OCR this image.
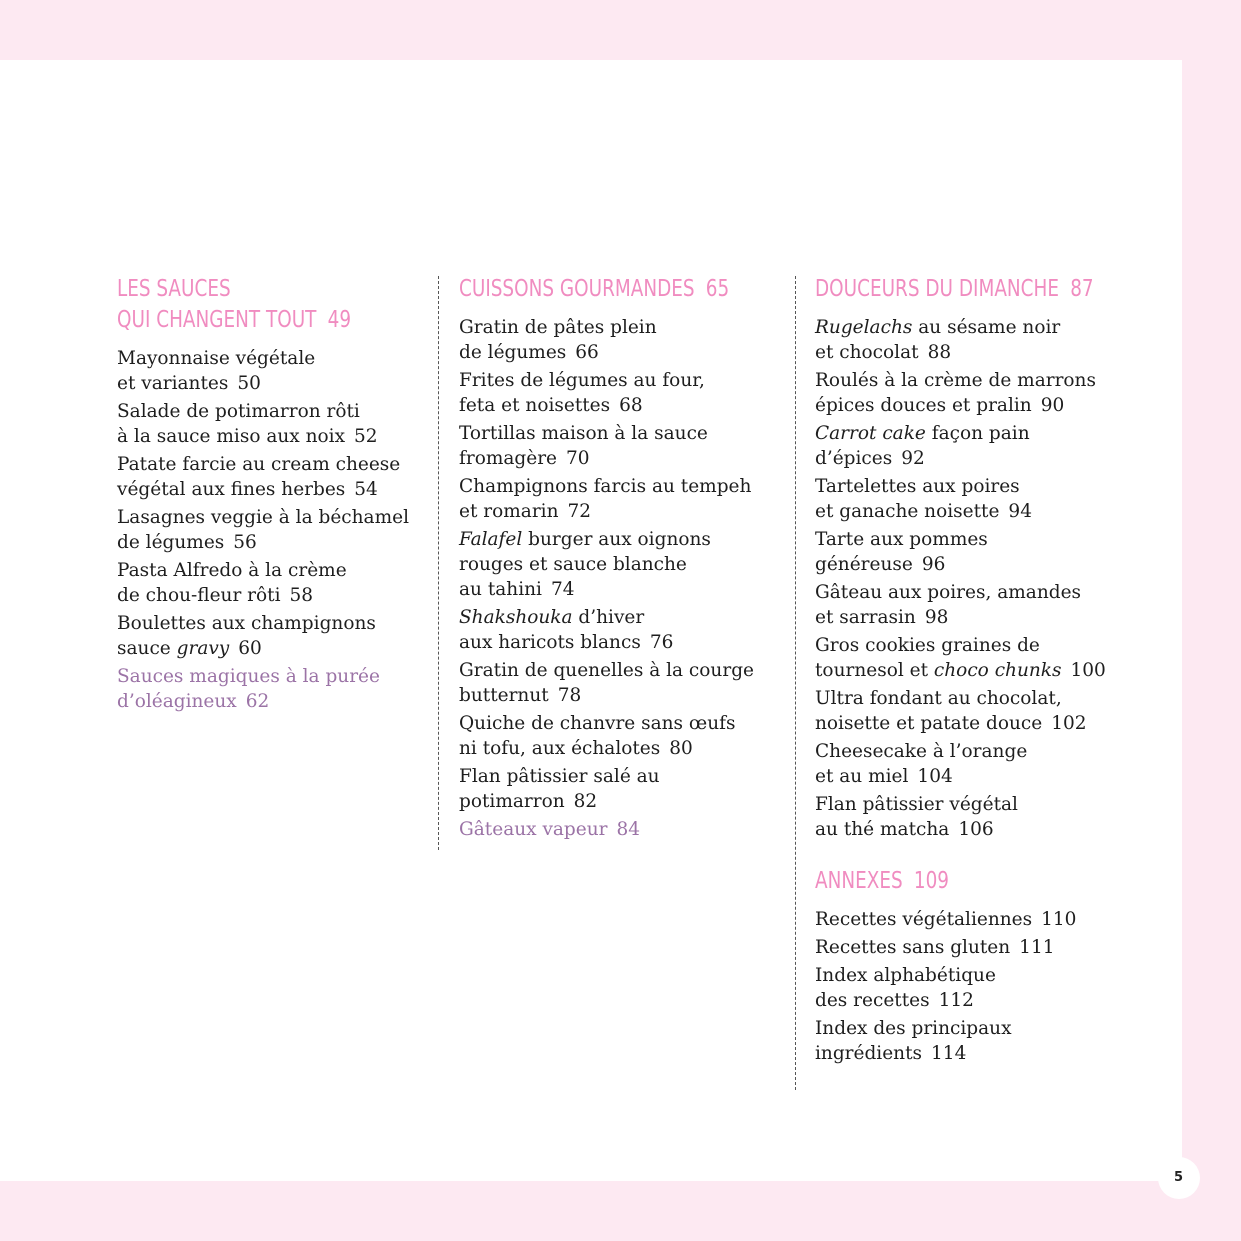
LES SAUCES
QUI CHANGENT TOUT 49
Mayonnaise végétale
et variantes 50
Salade de potimarron rôti
à la sauce miso aux noix 52
Patate farcie au cream cheese
végétal aux fines herbes 54
Lasagnes veggie à la béchamel
de légumes 56
Pasta Alfredo à la crème
de chou-fleur rôti 58
Boulettes aux champignons
sauce gravy 60
Sauces magiques à la purée
d’oléagineux 62
CUISSONS GOURMANDES 65
Gratin de pâtes plein
de légumes 66
Frites de légumes au four,
feta et noisettes 68
Tortillas maison à la sauce
fromagère 70
Champignons farcis au tempeh
et romarin 72
Falafel burger aux oignons
rouges et sauce blanche
au tahini 74
Shakshouka d’hiver
aux haricots blancs 76
Gratin de quenelles à la courge
butternut 78
Quiche de chanvre sans œufs
ni tofu, aux échalotes 80
Flan pâtissier salé au
potimarron 82
Gâteaux vapeur 84
DOUCEURS DU DIMANCHE 87
Rugelachs au sésame noir
et chocolat 88
Roulés à la crème de marrons
épices douces et pralin 90
Carrot cake façon pain
d’épices 92
Tartelettes aux poires
et ganache noisette 94
Tarte aux pommes
généreuse 96
Gâteau aux poires, amandes
et sarrasin 98
Gros cookies graines de
tournesol et choco chunks 100
Ultra fondant au chocolat,
noisette et patate douce 102
Cheesecake à l’orange
et au miel 104
Flan pâtissier végétal
au thé matcha 106
ANNEXES 109
Recettes végétaliennes 110
Recettes sans gluten 111
Index alphabétique
des recettes 112
Index des principaux
ingrédients 114
5
